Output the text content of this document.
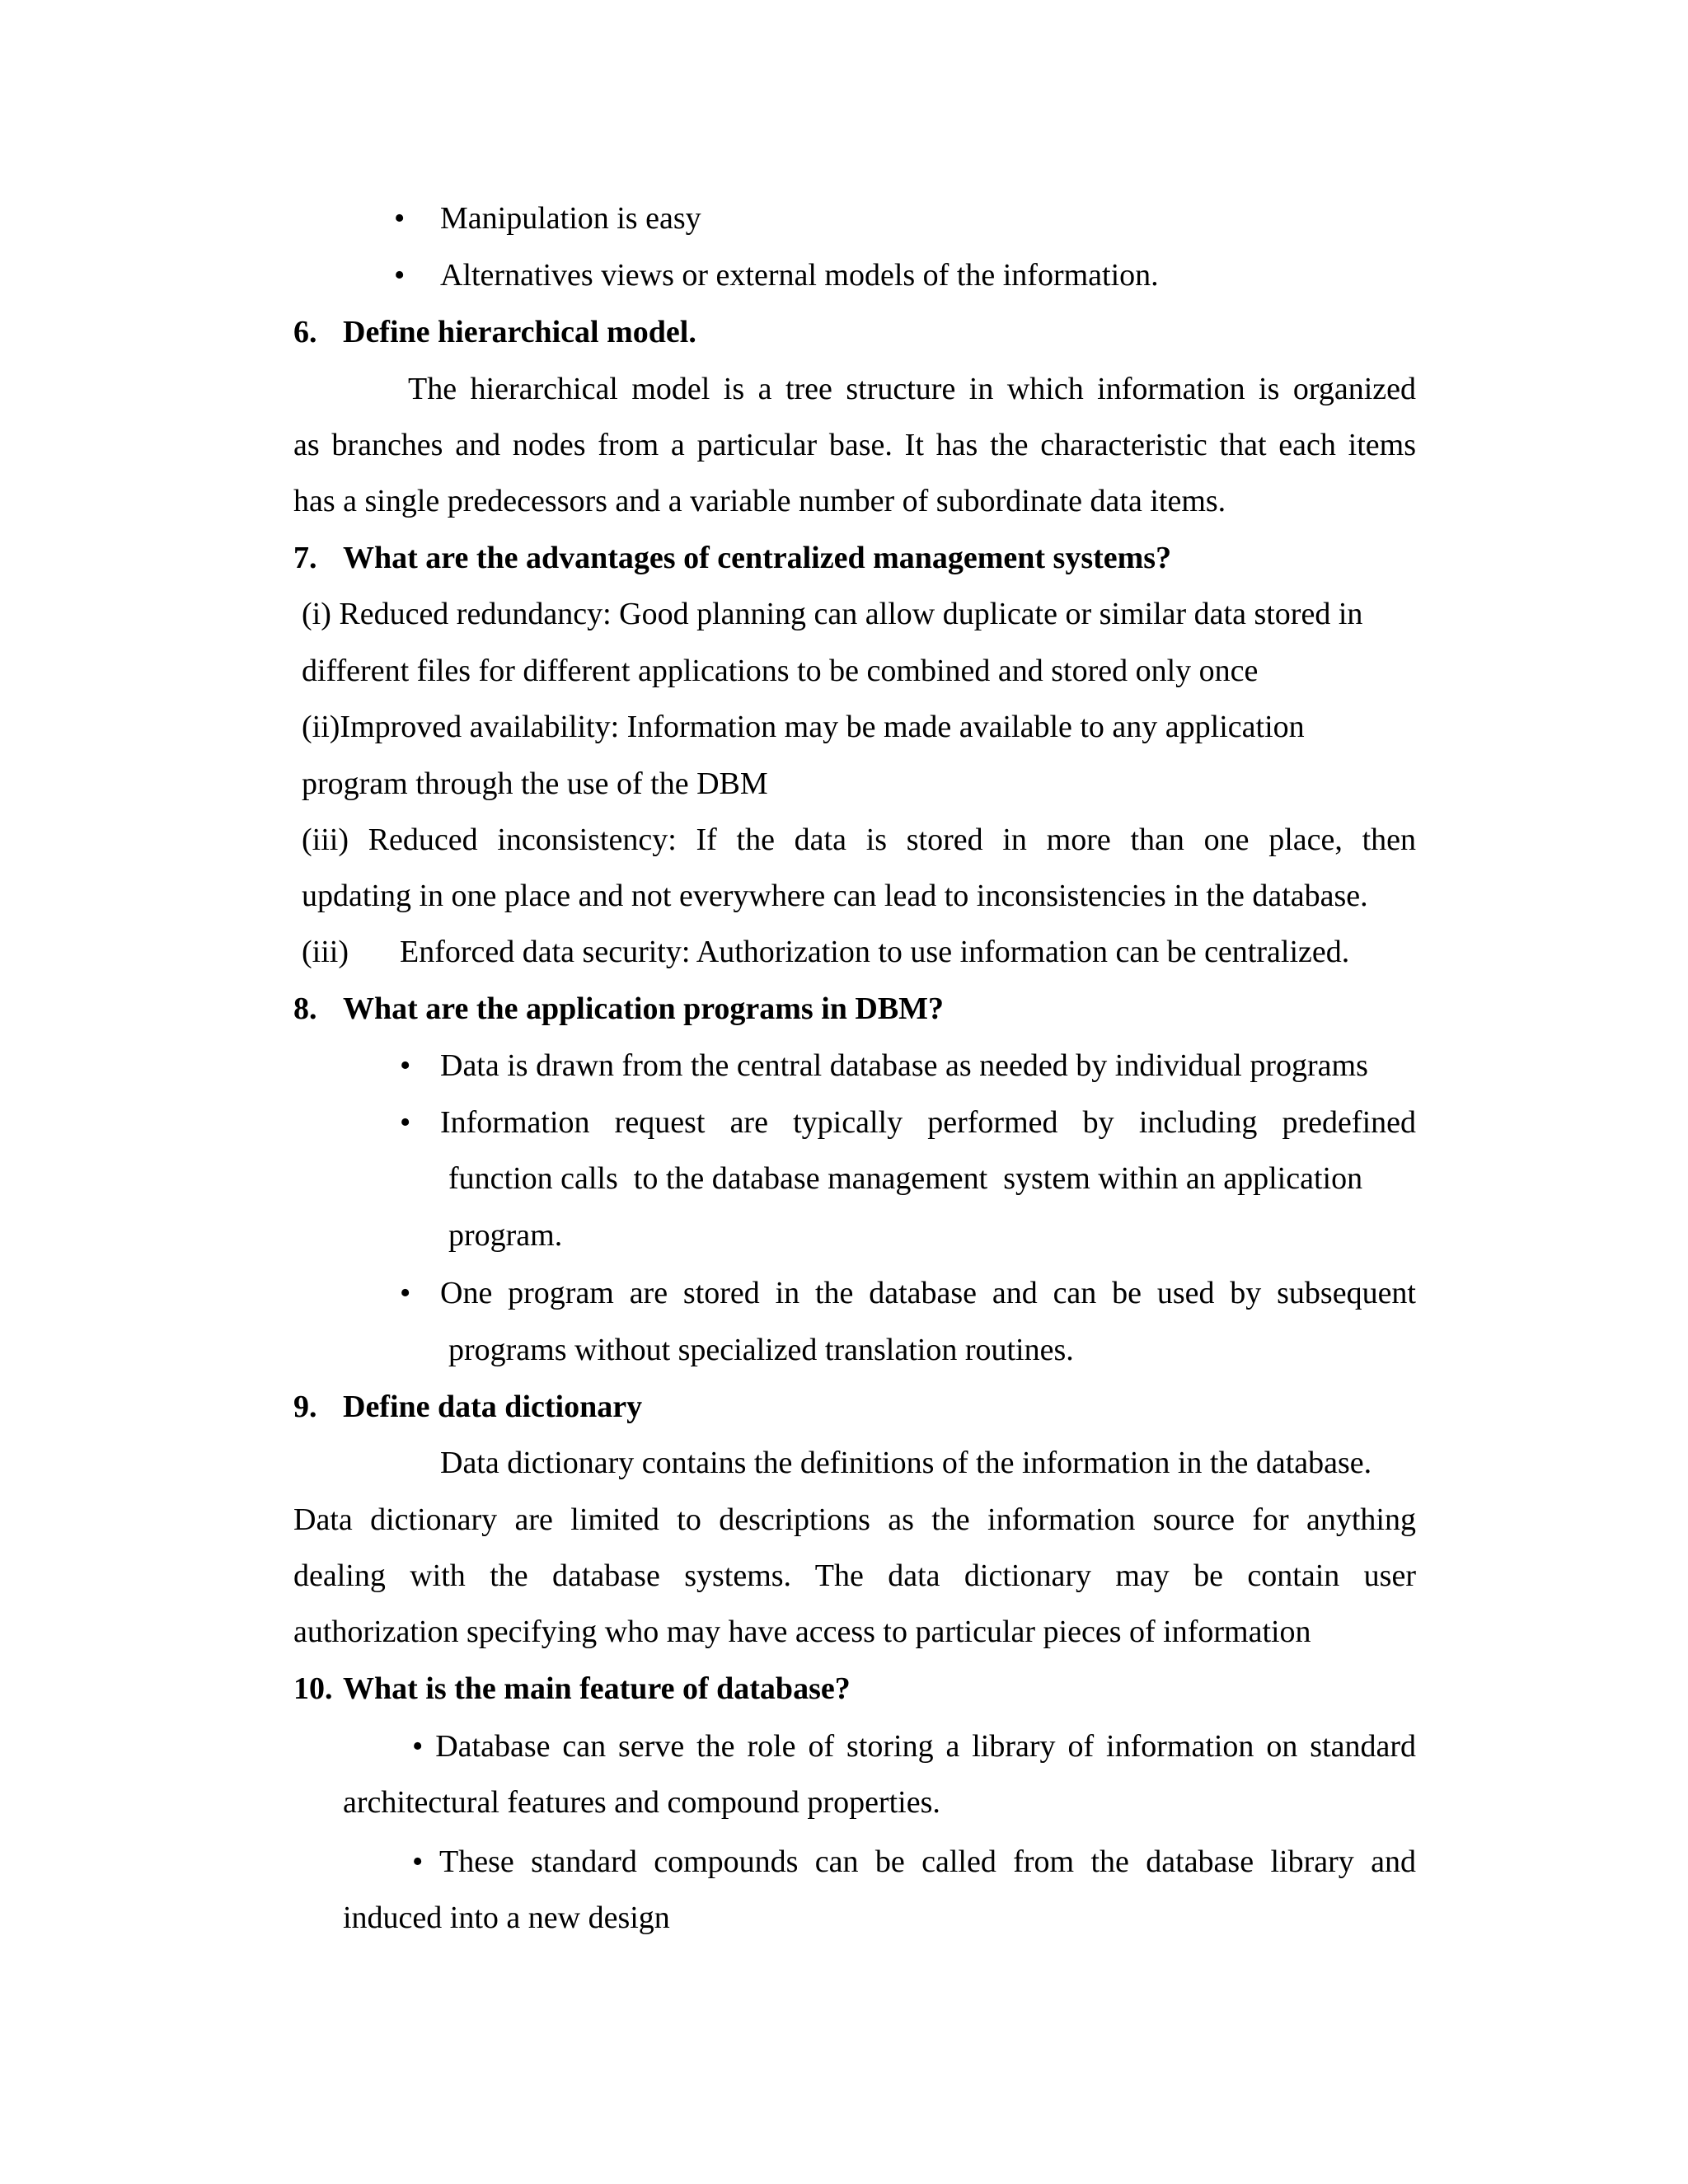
• Manipulation is easy
• Alternatives views or external models of the information.
6. Define hierarchical model.
The hierarchical model is a tree structure in which information is organized
as branches and nodes from a particular base. It has the characteristic that each items
has a single predecessors and a variable number of subordinate data items.
7. What are the advantages of centralized management systems?
(i) Reduced redundancy: Good planning can allow duplicate or similar data stored in
different files for different applications to be combined and stored only once
(ii)Improved availability: Information may be made available to any application
program through the use of the DBM
(iii) Reduced inconsistency: If the data is stored in more than one place, then
updating in one place and not everywhere can lead to inconsistencies in the database.
(iii) Enforced data security: Authorization to use information can be centralized.
8. What are the application programs in DBM?
• Data is drawn from the central database as needed by individual programs
• Information request are typically performed by including predefined
function calls  to the database management  system within an application
program.
• One program are stored in the database and can be used by subsequent
programs without specialized translation routines.
9. Define data dictionary
Data dictionary contains the definitions of the information in the database.
Data dictionary are limited to descriptions as the information source for anything
dealing with the database systems. The data dictionary may be contain user
authorization specifying who may have access to particular pieces of information
10. What is the main feature of database?
• Database can serve the role of storing a library of information on standard
architectural features and compound properties.
• These standard compounds can be called from the database library and
induced into a new design
